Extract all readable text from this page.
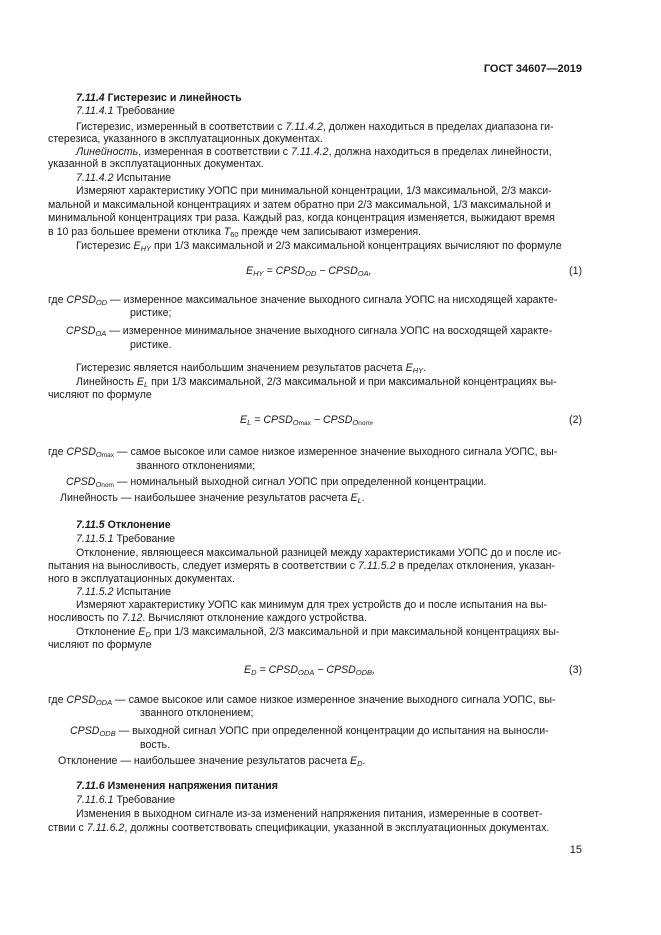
ГОСТ 34607—2019
7.11.4 Гистерезис и линейность
7.11.4.1 Требование
Гистерезис, измеренный в соответствии с 7.11.4.2, должен находиться в пределах диапазона ги-
стерезиса, указанного в эксплуатационных документах.
Линейность, измеренная в соответствии с 7.11.4.2, должна находиться в пределах линейности,
указанной в эксплуатационных документах.
7.11.4.2 Испытание
Измеряют характеристику УОПС при минимальной концентрации, 1/3 максимальной, 2/3 макси-
мальной и максимальной концентрациях и затем обратно при 2/3 максимальной, 1/3 максимальной и
минимальной концентрациях три раза. Каждый раз, когда концентрация изменяется, выжидают время
в 10 раз большее времени отклика $T_{60}$ прежде чем записывают измерения.
Гистерезис $E_{HY}$ при 1/3 максимальной и 2/3 максимальной концентрациях вычисляют по формуле
$E_{HY}$ = $CPSD_{OD}$ − $CPSD_{OA}$,	(1)
где $CPSD_{OD}$ — измеренное максимальное значение выходного сигнала УОПС на нисходящей характе-
ристике;
$CPSD_{OA}$ — измеренное минимальное значение выходного сигнала УОПС на восходящей характе-
ристике.
Гистерезис является наибольшим значением результатов расчета $E_{HY}$.
Линейность $E_L$ при 1/3 максимальной, 2/3 максимальной и при максимальной концентрациях вы-
числяют по формуле
$E_L$ = $CPSD_{Omax}$ − $CPSD_{Onom}$,	(2)
где $CPSD_{Omax}$ — самое высокое или самое низкое измеренное значение выходного сигнала УОПС, вы-
званного отклонениями;
$CPSD_{Onom}$ — номинальный выходной сигнал УОПС при определенной концентрации.
Линейность — наибольшее значение результатов расчета $E_L$.
7.11.5 Отклонение
7.11.5.1 Требование
Отклонение, являющееся максимальной разницей между характеристиками УОПС до и после ис-
пытания на выносливость, следует измерять в соответствии с 7.11.5.2 в пределах отклонения, указан-
ного в эксплуатационных документах.
7.11.5.2 Испытание
Измеряют характеристику УОПС как минимум для трех устройств до и после испытания на вы-
носливость по 7.12. Вычисляют отклонение каждого устройства.
Отклонение $E_D$ при 1/3 максимальной, 2/3 максимальной и при максимальной концентрациях вы-
числяют по формуле
$E_D$ = $CPSD_{ODA}$ − $CPSD_{ODB}$,	(3)
где $CPSD_{ODA}$ — самое высокое или самое низкое измеренное значение выходного сигнала УОПС, вы-
званного отклонением;
$CPSD_{ODB}$ — выходной сигнал УОПС при определенной концентрации до испытания на выносли-
вость.
Отклонение — наибольшее значение результатов расчета $E_D$.
7.11.6 Изменения напряжения питания
7.11.6.1 Требование
Изменения в выходном сигнале из-за изменений напряжения питания, измеренные в соответ-
ствии с 7.11.6.2, должны соответствовать спецификации, указанной в эксплуатационных документах.
15
